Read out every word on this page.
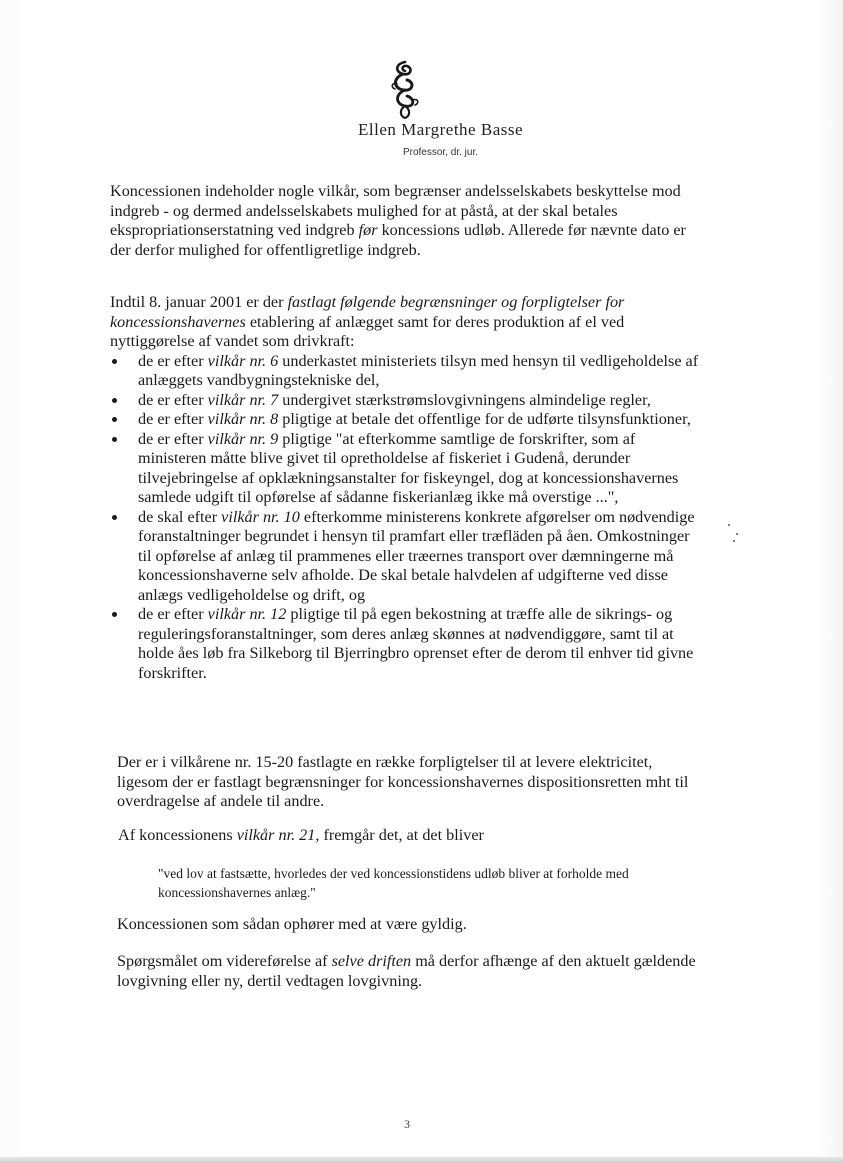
Ellen Margrethe Basse
Professor, dr. jur.

Koncessionen indeholder nogle vilkår, som begrænser andelsselskabets beskyttelse mod indgreb - og dermed andelsselskabets mulighed for at påstå, at der skal betales ekspropriationserstatning ved indgreb før koncessions udløb. Allerede før nævnte dato er der derfor mulighed for offentligretlige indgreb.

Indtil 8. januar 2001 er der fastlagt følgende begrænsninger og forpligtelser for koncessionshavernes etablering af anlægget samt for deres produktion af el ved nyttiggørelse af vandet som drivkraft:

de er efter vilkår nr. 6 underkastet ministeriets tilsyn med hensyn til vedligeholdelse af anlæggets vandbygningstekniske del,
de er efter vilkår nr. 7 undergivet stærkstrømslovgivningens almindelige regler,
de er efter vilkår nr. 8 pligtige at betale det offentlige for de udførte tilsynsfunktioner,
de er efter vilkår nr. 9 pligtige "at efterkomme samtlige de forskrifter, som af ministeren måtte blive givet til opretholdelse af fiskeriet i Gudenå, derunder tilvejebringelse af opklækningsanstalter for fiskeyngel, dog at koncessionshavernes samlede udgift til opførelse af sådanne fiskerianlæg ikke må overstige ...",
de skal efter vilkår nr. 10 efterkomme ministerens konkrete afgørelser om nødvendige foranstaltninger begrundet i hensyn til pramfart eller træfläden på åen. Omkostninger til opførelse af anlæg til prammenes eller træernes transport over dæmningerne må koncessionshaverne selv afholde. De skal betale halvdelen af udgifterne ved disse anlægs vedligeholdelse og drift, og
de er efter vilkår nr. 12 pligtige til på egen bekostning at træffe alle de sikrings- og reguleringsforanstaltninger, som deres anlæg skønnes at nødvendiggøre, samt til at holde åes løb fra Silkeborg til Bjerringbro oprenset efter de derom til enhver tid givne forskrifter.

Der er i vilkårene nr. 15-20 fastlagte en række forpligtelser til at levere elektricitet, ligesom der er fastlagt begrænsninger for koncessionshavernes dispositionsretten mht til overdragelse af andele til andre.

Af koncessionens vilkår nr. 21, fremgår det, at det bliver

"ved lov at fastsætte, hvorledes der ved koncessionstidens udløb bliver at forholde med koncessionshavernes anlæg."

Koncessionen som sådan ophører med at være gyldig.

Spørgsmålet om videreførelse af selve driften må derfor afhænge af den aktuelt gældende lovgivning eller ny, dertil vedtagen lovgivning.

3
